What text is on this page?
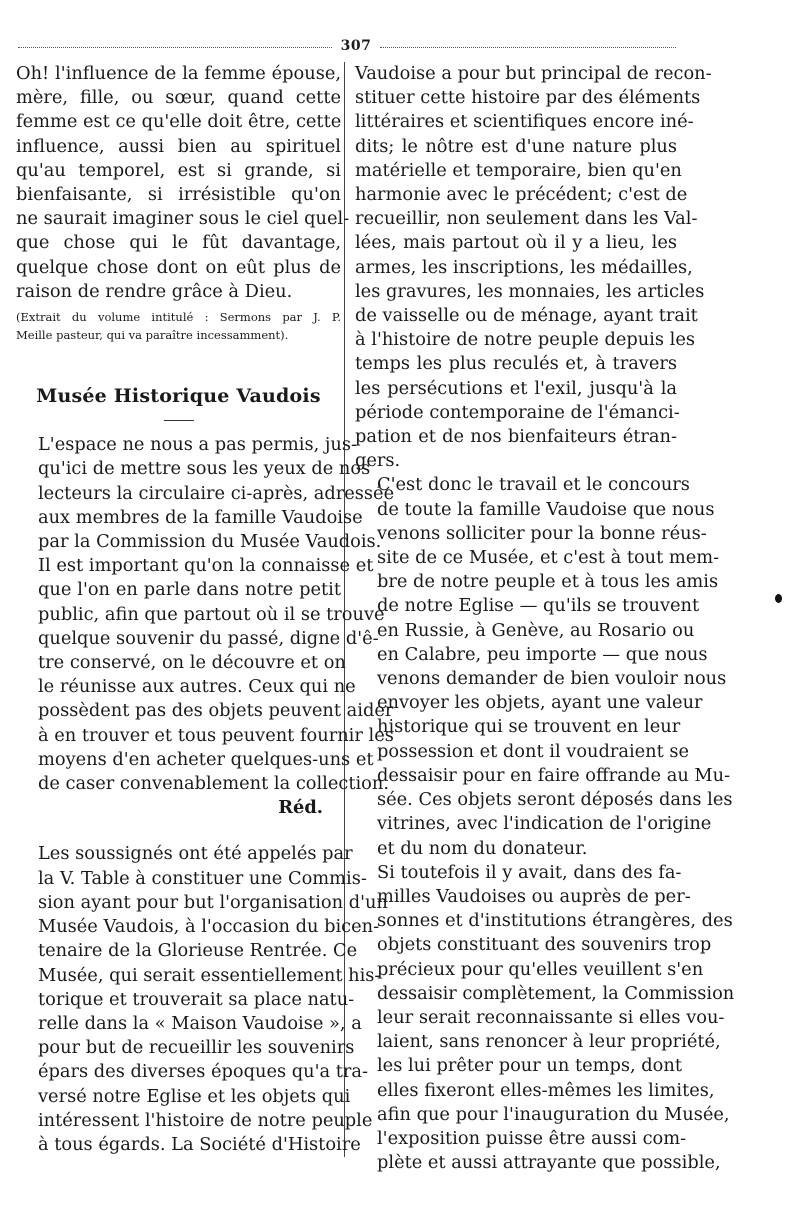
307

Oh! l'influence de la femme épouse,
mère, fille, ou sœur, quand cette
femme est ce qu'elle doit être, cette
influence, aussi bien au spirituel
qu'au temporel, est si grande, si
bienfaisante, si irrésistible qu'on
ne saurait imaginer sous le ciel quel-
que chose qui le fût davantage,
quelque chose dont on eût plus de
raison de rendre grâce à Dieu.

(Extrait du volume intitulé : Sermons par J. P.
Meille pasteur, qui va paraître incessamment).

Musée Historique Vaudois

L'espace ne nous a pas permis, jus-
qu'ici de mettre sous les yeux de nos
lecteurs la circulaire ci-après, adressée
aux membres de la famille Vaudoise
par la Commission du Musée Vaudois.
Il est important qu'on la connaisse et
que l'on en parle dans notre petit
public, afin que partout où il se trouve
quelque souvenir du passé, digne d'ê-
tre conservé, on le découvre et on
le réunisse aux autres. Ceux qui ne
possèdent pas des objets peuvent aider
à en trouver et tous peuvent fournir les
moyens d'en acheter quelques-uns et
de caser convenablement la collection.

Réd.

Les soussignés ont été appelés par
la V. Table à constituer une Commis-
sion ayant pour but l'organisation d'un
Musée Vaudois, à l'occasion du bicen-
tenaire de la Glorieuse Rentrée. Ce
Musée, qui serait essentiellement his-
torique et trouverait sa place natu-
relle dans la « Maison Vaudoise », a
pour but de recueillir les souvenirs
épars des diverses époques qu'a tra-
versé notre Eglise et les objets qui
intéressent l'histoire de notre peuple
à tous égards. La Société d'Histoire

Vaudoise a pour but principal de recon-
stituer cette histoire par des éléments
littéraires et scientifiques encore iné-
dits; le nôtre est d'une nature plus
matérielle et temporaire, bien qu'en
harmonie avec le précédent; c'est de
recueillir, non seulement dans les Val-
lées, mais partout où il y a lieu, les
armes, les inscriptions, les médailles,
les gravures, les monnaies, les articles
de vaisselle ou de ménage, ayant trait
à l'histoire de notre peuple depuis les
temps les plus reculés et, à travers
les persécutions et l'exil, jusqu'à la
période contemporaine de l'émanci-
pation et de nos bienfaiteurs étran-
gers.

C'est donc le travail et le concours
de toute la famille Vaudoise que nous
venons solliciter pour la bonne réus-
site de ce Musée, et c'est à tout mem-
bre de notre peuple et à tous les amis
de notre Eglise — qu'ils se trouvent
en Russie, à Genève, au Rosario ou
en Calabre, peu importe — que nous
venons demander de bien vouloir nous
envoyer les objets, ayant une valeur
historique qui se trouvent en leur
possession et dont il voudraient se
dessaisir pour en faire offrande au Mu-
sée. Ces objets seront déposés dans les
vitrines, avec l'indication de l'origine
et du nom du donateur.

Si toutefois il y avait, dans des fa-
milles Vaudoises ou auprès de per-
sonnes et d'institutions étrangères, des
objets constituant des souvenirs trop
précieux pour qu'elles veuillent s'en
dessaisir complètement, la Commission
leur serait reconnaissante si elles vou-
laient, sans renoncer à leur propriété,
les lui prêter pour un temps, dont
elles fixeront elles-mêmes les limites,
afin que pour l'inauguration du Musée,
l'exposition puisse être aussi com-
plète et aussi attrayante que possible,
